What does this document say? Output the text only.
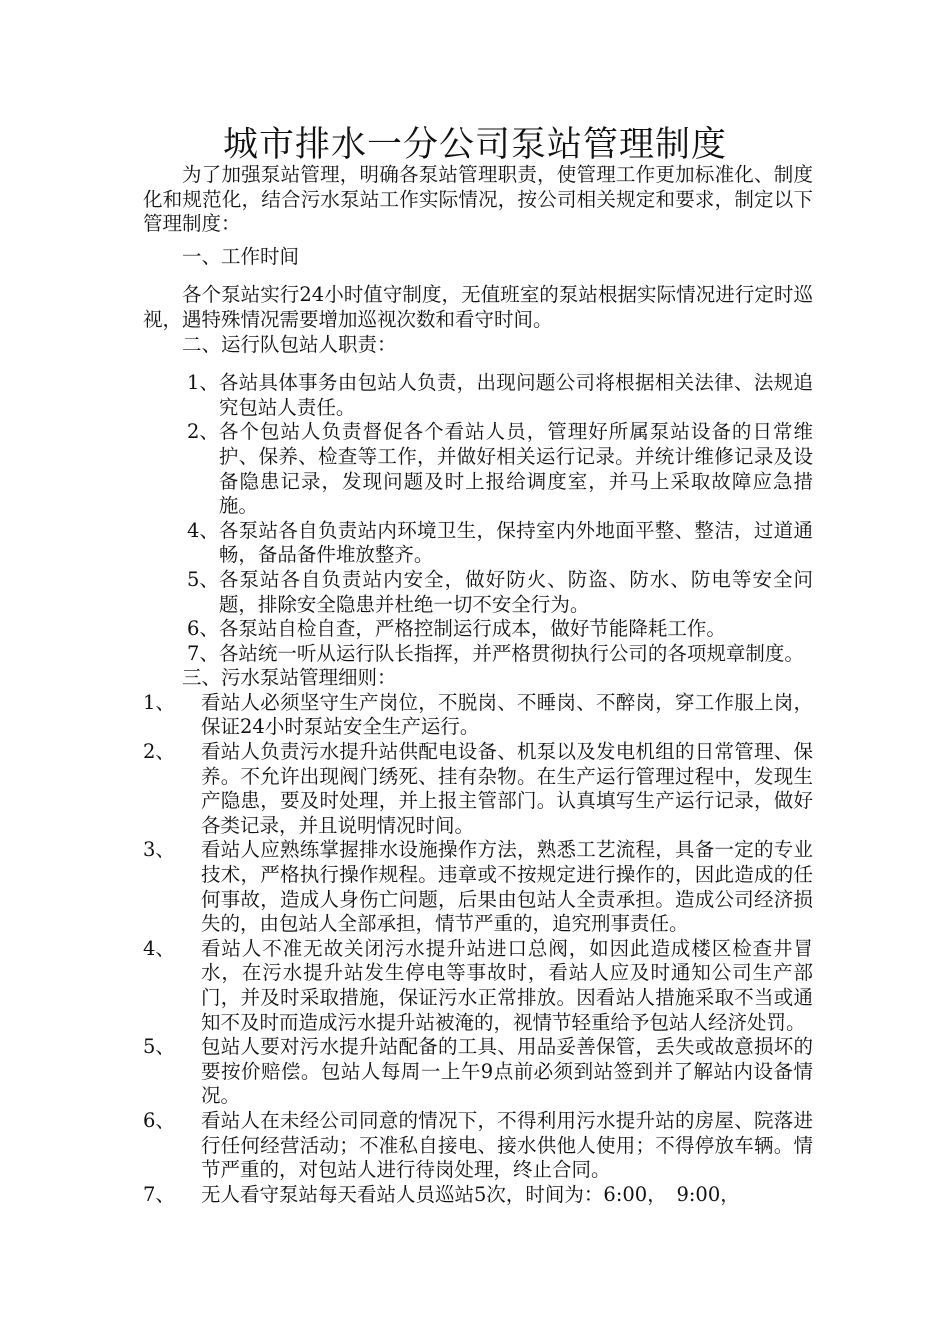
城市排水一分公司泵站管理制度

为了加强泵站管理，明确各泵站管理职责，使管理工作更加标准化、制度化和规范化，结合污水泵站工作实际情况，按公司相关规定和要求，制定以下管理制度：

一、工作时间

各个泵站实行24小时值守制度，无值班室的泵站根据实际情况进行定时巡视，遇特殊情况需要增加巡视次数和看守时间。

二、运行队包站人职责：

1、 各站具体事务由包站人负责，出现问题公司将根据相关法律、法规追究包站人责任。
2、 各个包站人负责督促各个看站人员，管理好所属泵站设备的日常维护、保养、检查等工作，并做好相关运行记录。并统计维修记录及设备隐患记录，发现问题及时上报给调度室，并马上采取故障应急措施。
4、 各泵站各自负责站内环境卫生，保持室内外地面平整、整洁，过道通畅，备品备件堆放整齐。
5、 各泵站各自负责站内安全，做好防火、防盗、防水、防电等安全问题，排除安全隐患并杜绝一切不安全行为。
6、 各泵站自检自查，严格控制运行成本，做好节能降耗工作。
7、 各站统一听从运行队长指挥，并严格贯彻执行公司的各项规章制度。

三、污水泵站管理细则：

1、	看站人必须坚守生产岗位，不脱岗、不睡岗、不醉岗，穿工作服上岗，保证24小时泵站安全生产运行。
2、	看站人负责污水提升站供配电设备、机泵以及发电机组的日常管理、保养。不允许出现阀门绣死、挂有杂物。在生产运行管理过程中，发现生产隐患，要及时处理，并上报主管部门。认真填写生产运行记录，做好各类记录，并且说明情况时间。
3、	看站人应熟练掌握排水设施操作方法，熟悉工艺流程，具备一定的专业技术，严格执行操作规程。违章或不按规定进行操作的，因此造成的任何事故，造成人身伤亡问题，后果由包站人全责承担。造成公司经济损失的，由包站人全部承担，情节严重的，追究刑事责任。
4、	看站人不准无故关闭污水提升站进口总阀，如因此造成楼区检查井冒水，在污水提升站发生停电等事故时，看站人应及时通知公司生产部门，并及时采取措施，保证污水正常排放。因看站人措施采取不当或通知不及时而造成污水提升站被淹的，视情节轻重给予包站人经济处罚。
5、	包站人要对污水提升站配备的工具、用品妥善保管，丢失或故意损坏的要按价赔偿。包站人每周一上午9点前必须到站签到并了解站内设备情况。
6、	看站人在未经公司同意的情况下，不得利用污水提升站的房屋、院落进行任何经营活动；不准私自接电、接水供他人使用；不得停放车辆。情节严重的，对包站人进行待岗处理，终止合同。
7、	无人看守泵站每天看站人员巡站5次，时间为：6:00，　9:00，
